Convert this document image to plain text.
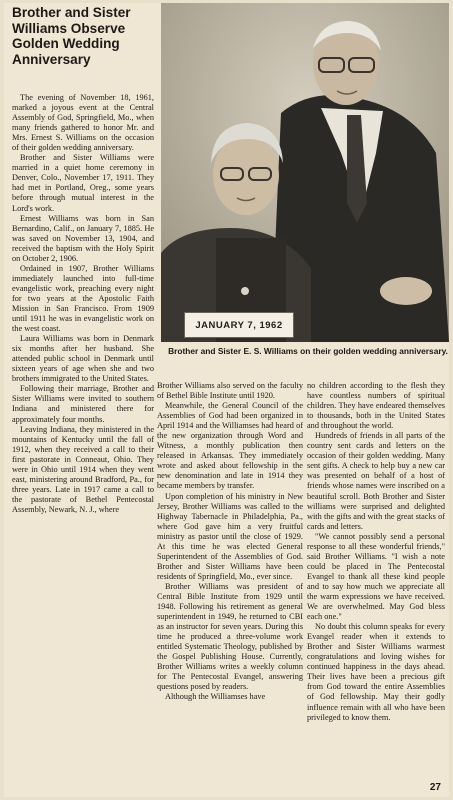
Brother and Sister Williams Observe Golden Wedding Anniversary
JANUARY 7, 1962
Brother and Sister E. S. Williams on their golden wedding anniversary.

The evening of November 18, 1961, marked a joyous event at the Central Assembly of God, Springfield, Mo., when many friends gathered to honor Mr. and Mrs. Ernest S. Williams on the occasion of their golden wedding anniversary.

Brother and Sister Williams were married in a quiet home ceremony in Denver, Colo., November 17, 1911. They had met in Portland, Oreg., some years before through mutual interest in the Lord's work.

Ernest Williams was born in San Bernardino, Calif., on January 7, 1885. He was saved on November 13, 1904, and received the baptism with the Holy Spirit on October 2, 1906.

Ordained in 1907, Brother Williams immediately launched into full-time evangelistic work, preaching every night for two years at the Apostolic Faith Mission in San Francisco. From 1909 until 1911 he was in evangelistic work on the west coast.

Laura Williams was born in Denmark six months after her husband. She attended public school in Denmark until sixteen years of age when she and two brothers immigrated to the United States.

Following their marriage, Brother and Sister Williams were invited to southern Indiana and ministered there for approximately four months.

Leaving Indiana, they ministered in the mountains of Kentucky until the fall of 1912, when they received a call to their first pastorate in Conneaut, Ohio. They were in Ohio until 1914 when they went east, ministering around Bradford, Pa., for three years. Late in 1917 came a call to the pastorate of Bethel Pentecostal Assembly, Newark, N. J., where

Brother Williams also served on the faculty of Bethel Bible Institute until 1920.

Meanwhile, the General Council of the Assemblies of God had been organized in April 1914 and the Williamses had heard of the new organization through Word and Witness, a monthly publication then released in Arkansas. They immediately wrote and asked about fellowship in the new denomination and late in 1914 they became members by transfer.

Upon completion of his ministry in New Jersey, Brother Williams was called to the Highway Tabernacle in Philadelphia, Pa., where God gave him a very fruitful ministry as pastor until the close of 1929. At this time he was elected General Superintendent of the Assemblies of God. Brother and Sister Williams have been residents of Springfield, Mo., ever since.

Brother Williams was president of Central Bible Institute from 1929 until 1948. Following his retirement as general superintendent in 1949, he returned to CBI as an instructor for seven years. During this time he produced a three-volume work entitled Systematic Theology, published by the Gospel Publishing House. Currently, Brother Williams writes a weekly column for The Pentecostal Evangel, answering questions posed by readers.

Although the Williamses have

no children according to the flesh they have countless numbers of spiritual children. They have endeared themselves to thousands, both in the United States and throughout the world.

Hundreds of friends in all parts of the country sent cards and letters on the occasion of their golden wedding. Many sent gifts. A check to help buy a new car was presented on behalf of a host of friends whose names were inscribed on a beautiful scroll. Both Brother and Sister williams were surprised and delighted with the gifts and with the great stacks of cards and letters.

"We cannot possibly send a personal response to all these wonderful friends," said Brother Williams. "I wish a note could be placed in The Pentecostal Evangel to thank all these kind people and to say how much we appreciate all the warm expressions we have received. We are overwhelmed. May God bless each one."

No doubt this column speaks for every Evangel reader when it extends to Brother and Sister Williams warmest congratulations and loving wishes for continued happiness in the days ahead. Their lives have been a precious gift from God toward the entire Assemblies of God fellowship. May their godly influence remain with all who have been privileged to know them.

27
